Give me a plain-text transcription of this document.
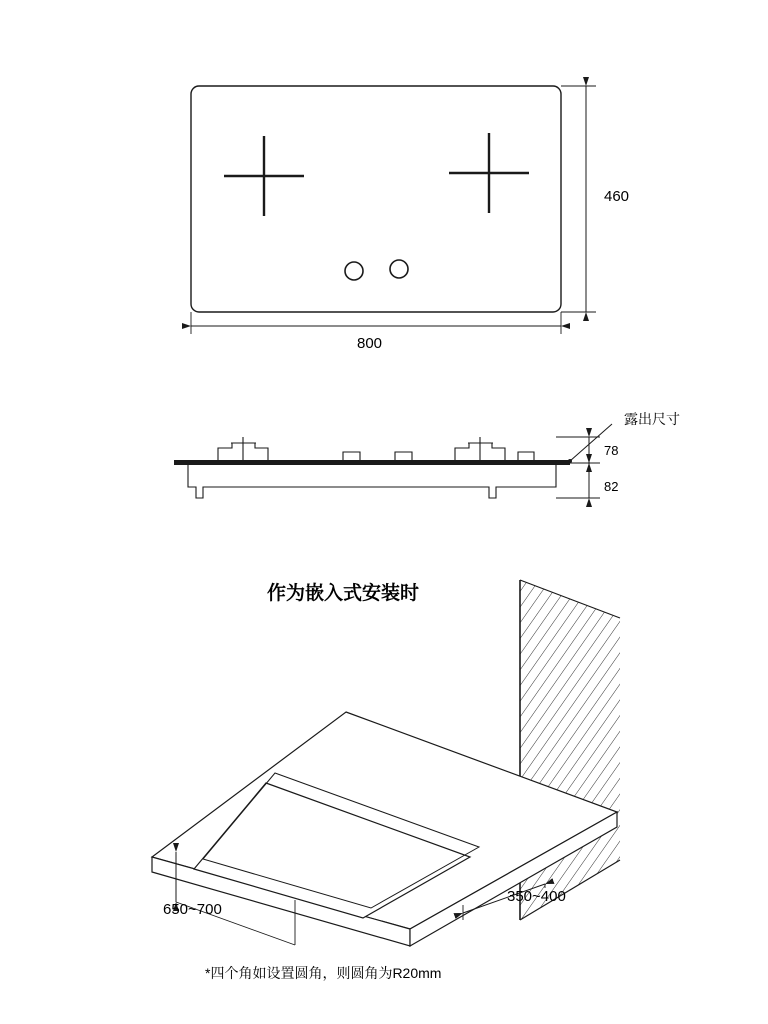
800
460
露出尺寸
78
82
作为嵌入式安装时
650~700
350~400
*四个角如设置圆角，则圆角为R20mm
